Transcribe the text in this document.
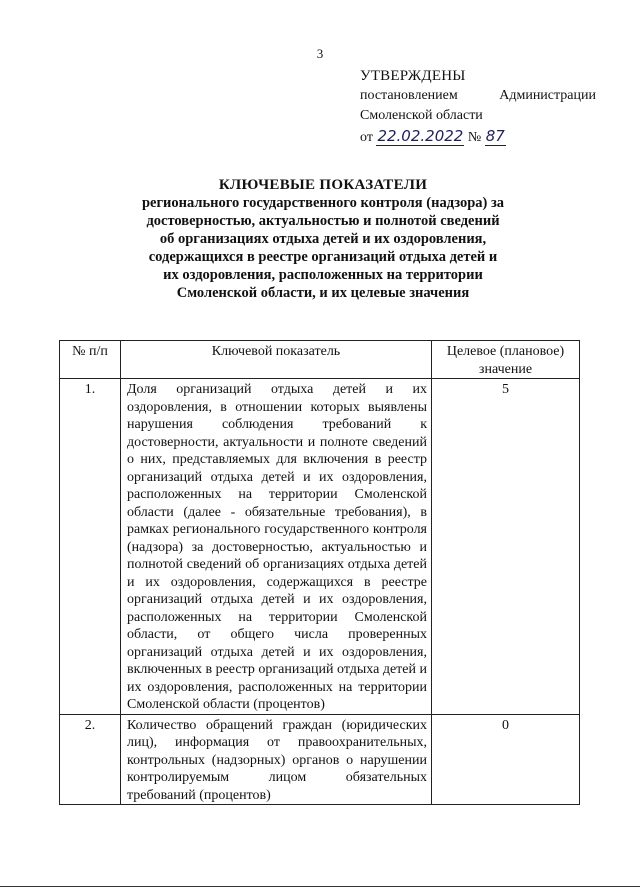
3
УТВЕРЖДЕНЫ
постановлением	Администрации
Смоленской области
от 22.02.2022 № 87
КЛЮЧЕВЫЕ ПОКАЗАТЕЛИ
регионального государственного контроля (надзора) за достоверностью, актуальностью и полнотой сведений об организациях отдыха детей и их оздоровления, содержащихся в реестре организаций отдыха детей и их оздоровления, расположенных на территории Смоленской области, и их целевые значения
№ п/п	Ключевой показатель	Целевое (плановое) значение
1.	Доля организаций отдыха детей и их оздоровления, в отношении которых выявлены нарушения соблюдения требований к достоверности, актуальности и полноте сведений о них, представляемых для включения в реестр организаций отдыха детей и их оздоровления, расположенных на территории Смоленской области (далее - обязательные требования), в рамках регионального государственного контроля (надзора) за достоверностью, актуальностью и полнотой сведений об организациях отдыха детей и их оздоровления, содержащихся в реестре организаций отдыха детей и их оздоровления, расположенных на территории Смоленской области, от общего числа проверенных организаций отдыха детей и их оздоровления, включенных в реестр организаций отдыха детей и их оздоровления, расположенных на территории Смоленской области (процентов)	5
2.	Количество обращений граждан (юридических лиц), информация от правоохранительных, контрольных (надзорных) органов о нарушении контролируемым лицом обязательных требований (процентов)	0
